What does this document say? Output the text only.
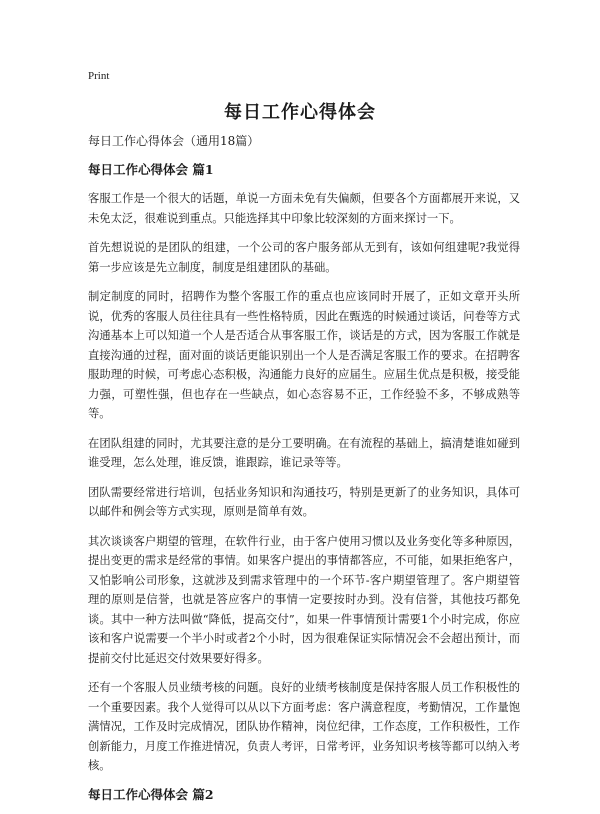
Print
每日工作心得体会

每日工作心得体会（通用18篇）

每日工作心得体会 篇1

客服工作是一个很大的话题，单说一方面未免有失偏颇，但要各个方面都展开来说，又未免太泛，很难说到重点。只能选择其中印象比较深刻的方面来探讨一下。

首先想说说的是团队的组建，一个公司的客户服务部从无到有，该如何组建呢?我觉得第一步应该是先立制度，制度是组建团队的基础。

制定制度的同时，招聘作为整个客服工作的重点也应该同时开展了，正如文章开头所说，优秀的客服人员往往具有一些性格特质，因此在甄选的时候通过谈话，问卷等方式沟通基本上可以知道一个人是否适合从事客服工作，谈话是的方式，因为客服工作就是直接沟通的过程，面对面的谈话更能识别出一个人是否满足客服工作的要求。在招聘客服助理的时候，可考虑心态积极，沟通能力良好的应届生。应届生优点是积极，接受能力强，可塑性强，但也存在一些缺点，如心态容易不正，工作经验不多，不够成熟等等。

在团队组建的同时，尤其要注意的是分工要明确。在有流程的基础上，搞清楚谁如碰到谁受理，怎么处理，谁反馈，谁跟踪，谁记录等等。

团队需要经常进行培训，包括业务知识和沟通技巧，特别是更新了的业务知识，具体可以邮件和例会等方式实现，原则是简单有效。

其次谈谈客户期望的管理，在软件行业，由于客户使用习惯以及业务变化等多种原因，提出变更的需求是经常的事情。如果客户提出的事情都答应，不可能，如果拒绝客户，又怕影响公司形象，这就涉及到需求管理中的一个环节-客户期望管理了。客户期望管理的原则是信誉，也就是答应客户的事情一定要按时办到。没有信誉，其他技巧都免谈。其中一种方法叫做“降低，提高交付”，如果一件事情预计需要1个小时完成，你应该和客户说需要一个半小时或者2个小时，因为很难保证实际情况会不会超出预计，而提前交付比延迟交付效果要好得多。

还有一个客服人员业绩考核的问题。良好的业绩考核制度是保持客服人员工作积极性的一个重要因素。我个人觉得可以从以下方面考虑：客户满意程度，考勤情况，工作量饱满情况，工作及时完成情况，团队协作精神，岗位纪律，工作态度，工作积极性，工作创新能力，月度工作推进情况，负责人考评，日常考评，业务知识考核等都可以纳入考核。

每日工作心得体会 篇2
